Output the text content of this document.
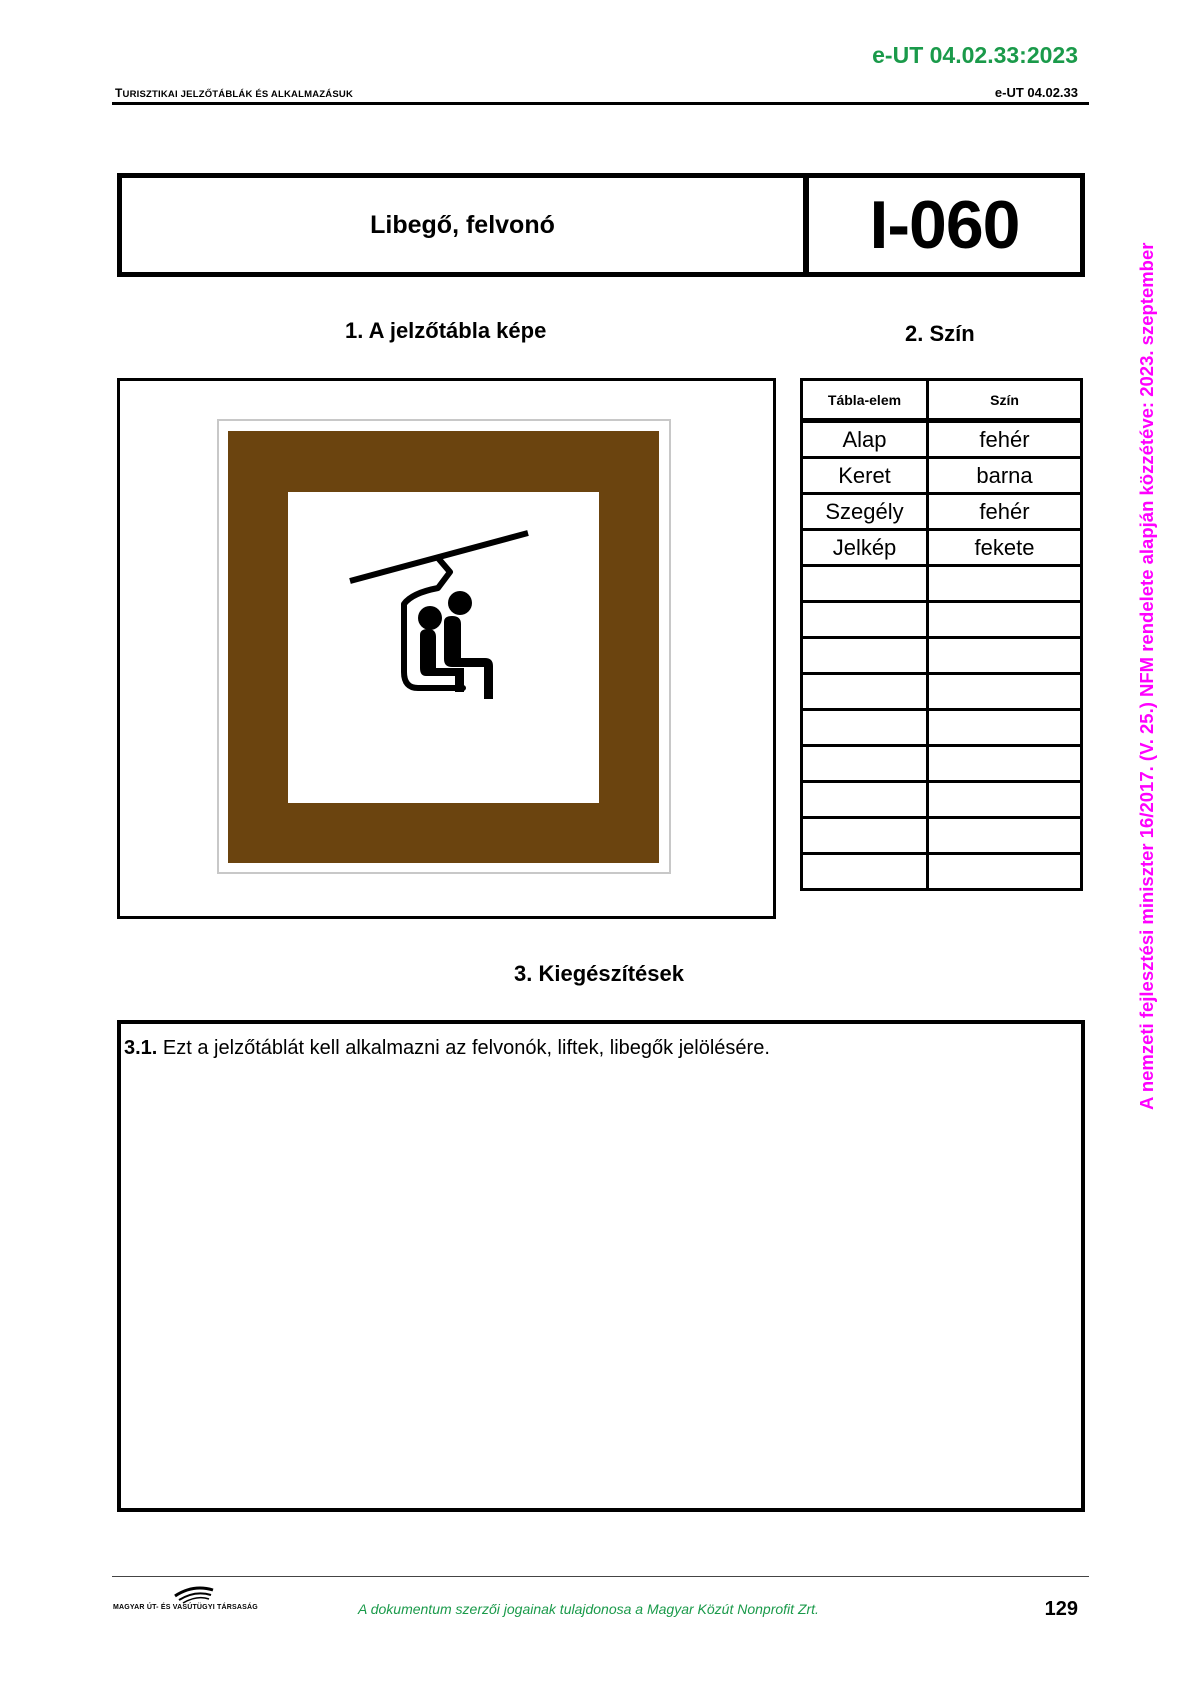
e-UT 04.02.33:2023
TURISZTIKAI JELZŐTÁBLÁK ÉS ALKALMAZÁSUK	e-UT 04.02.33
Libegő, felvonó	I-060
1. A jelzőtábla képe	2. Szín
Tábla-elem	Szín
Alap	fehér
Keret	barna
Szegély	fehér
Jelkép	fekete

3. Kiegészítések
3.1. Ezt a jelzőtáblát kell alkalmazni az felvonók, liftek, libegők jelölésére.	A nemzeti fejlesztési miniszter 16/2017. (V. 25.) NFM rendelete alapján közzétéve: 2023. szeptember
MAGYAR ÚT- ÉS VASÚTÜGYI TÁRSASÁG	A dokumentum szerzői jogainak tulajdonosa a Magyar Közút Nonprofit Zrt.	129
